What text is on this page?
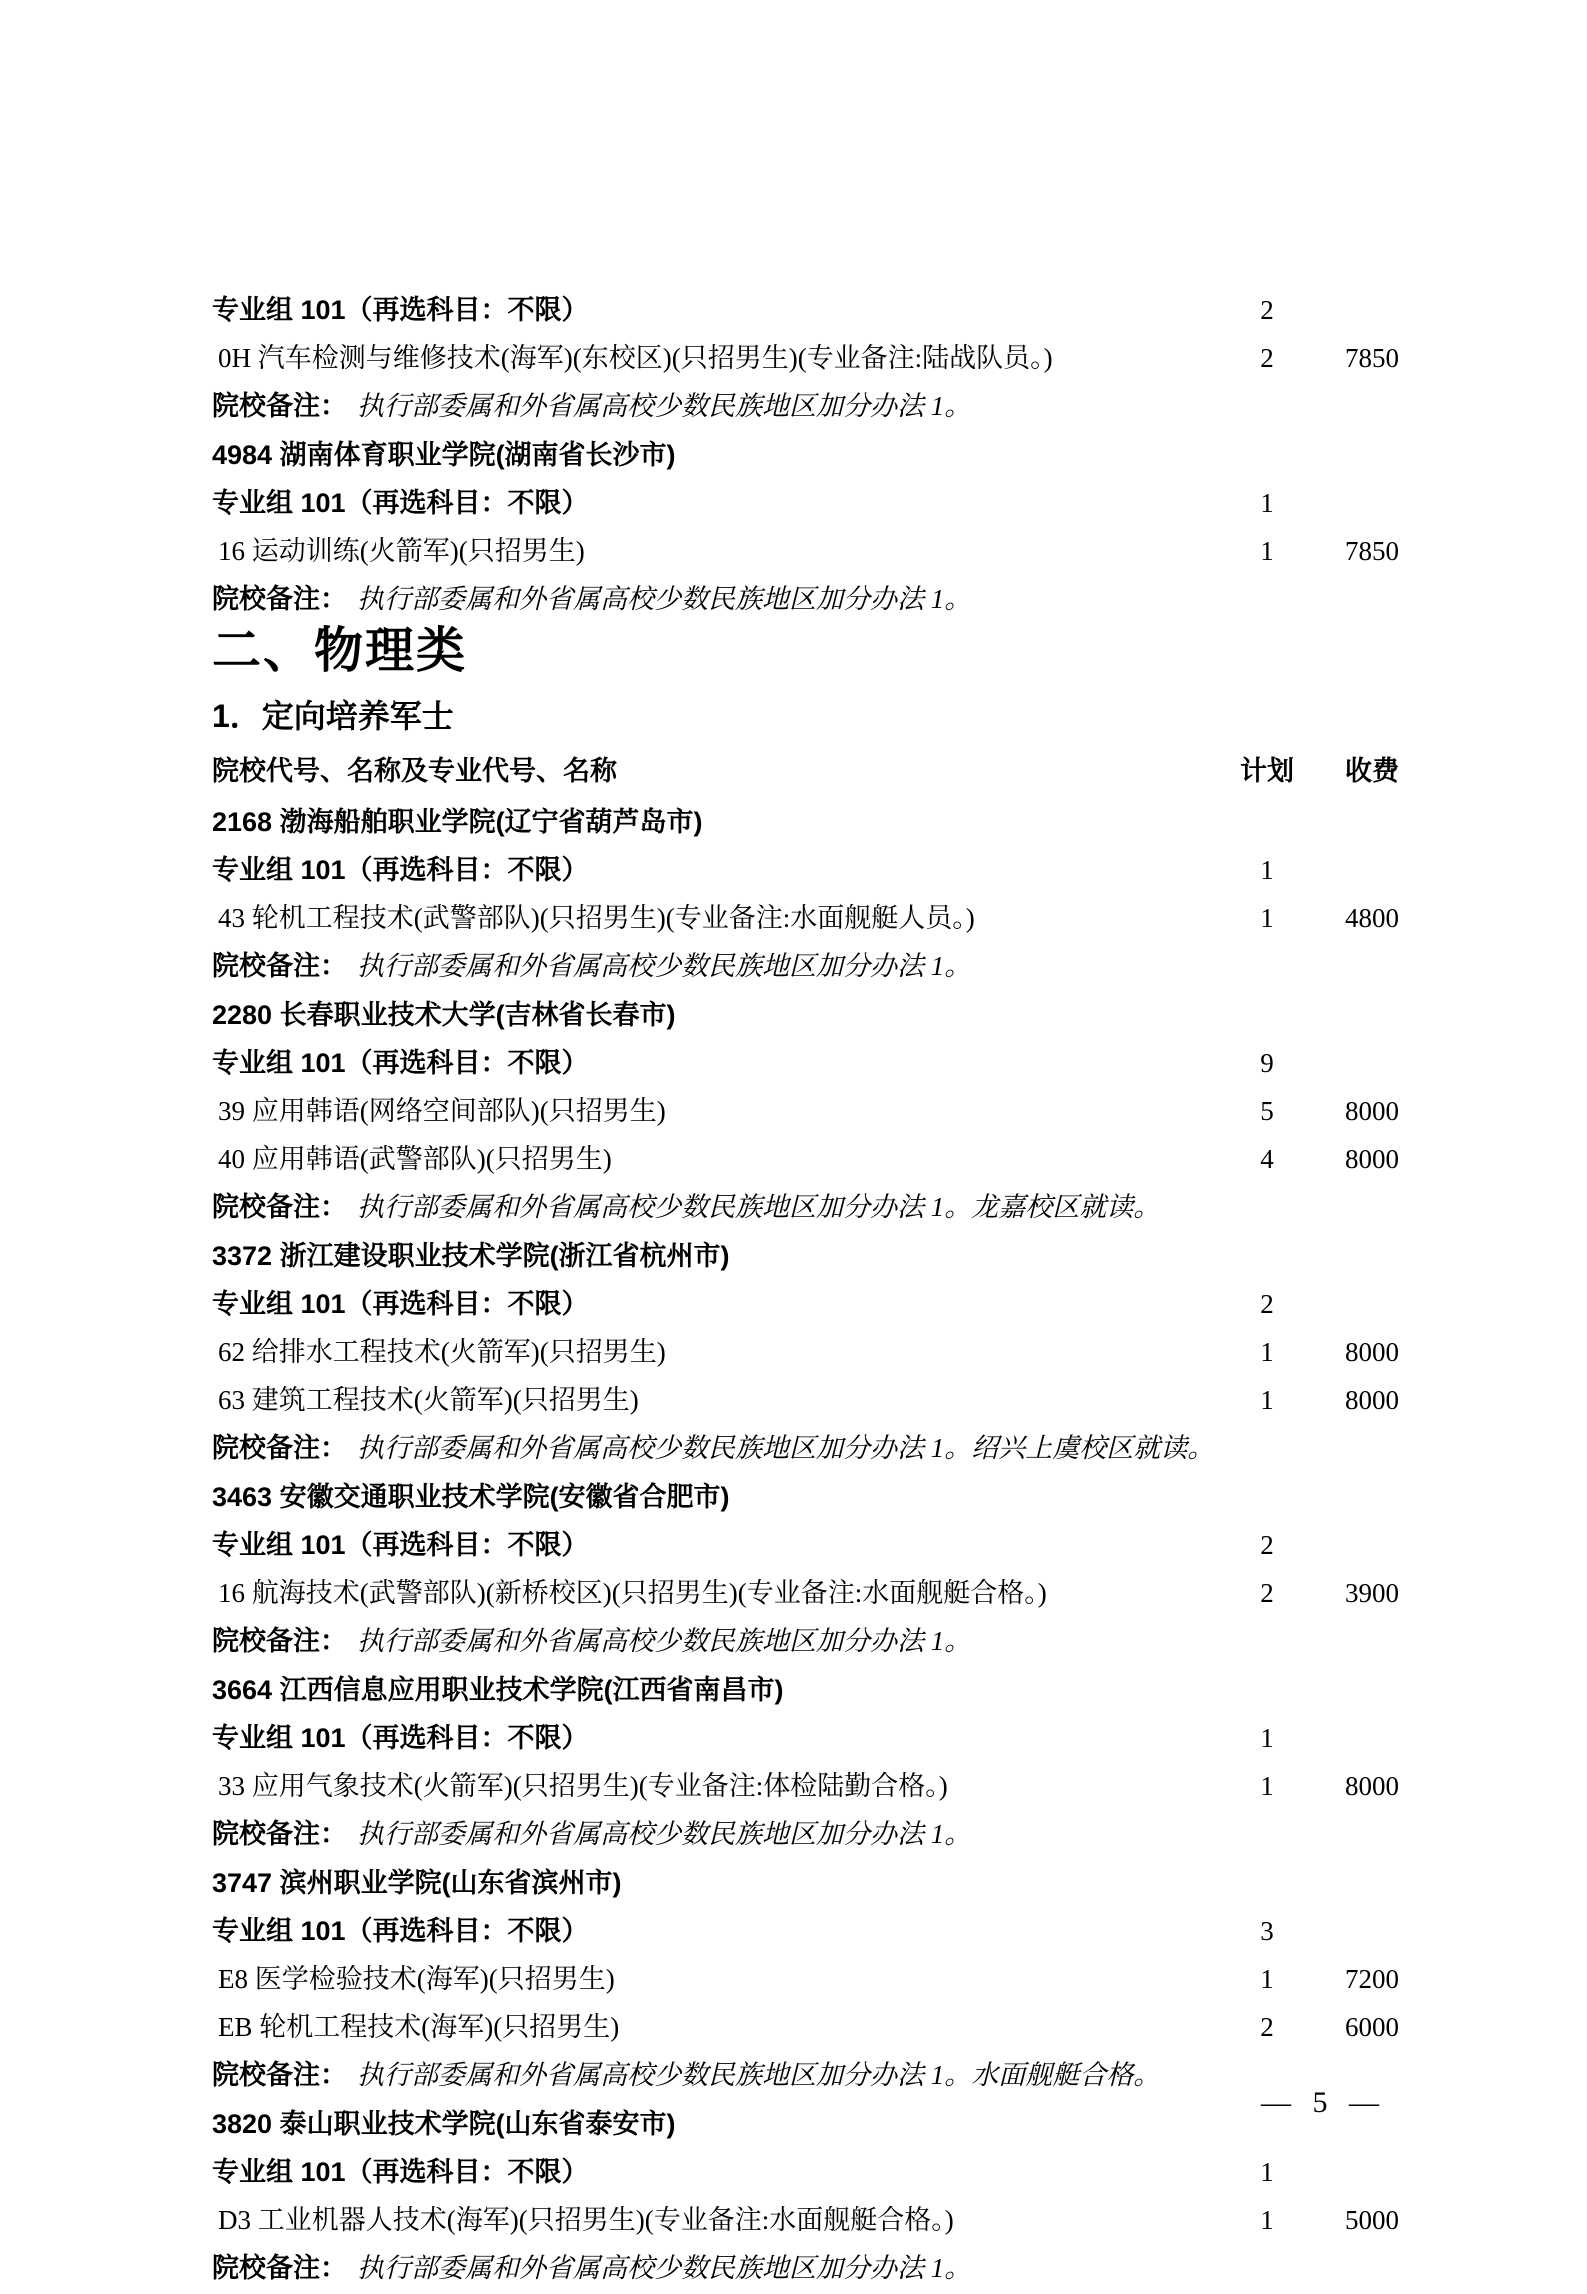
专业组 101（再选科目：不限）	2
0H 汽车检测与维修技术(海军)(东校区)(只招男生)(专业备注:陆战队员。)	2	7850
院校备注： 执行部委属和外省属高校少数民族地区加分办法 1。
4984 湖南体育职业学院(湖南省长沙市)
专业组 101（再选科目：不限）	1
16 运动训练(火箭军)(只招男生)	1	7850
院校备注： 执行部委属和外省属高校少数民族地区加分办法 1。
二、物理类
1．定向培养军士
院校代号、名称及专业代号、名称	计划	收费
2168 渤海船舶职业学院(辽宁省葫芦岛市)
专业组 101（再选科目：不限）	1
43 轮机工程技术(武警部队)(只招男生)(专业备注:水面舰艇人员。)	1	4800
院校备注： 执行部委属和外省属高校少数民族地区加分办法 1。
2280 长春职业技术大学(吉林省长春市)
专业组 101（再选科目：不限）	9
39 应用韩语(网络空间部队)(只招男生)	5	8000
40 应用韩语(武警部队)(只招男生)	4	8000
院校备注： 执行部委属和外省属高校少数民族地区加分办法 1。龙嘉校区就读。
3372 浙江建设职业技术学院(浙江省杭州市)
专业组 101（再选科目：不限）	2
62 给排水工程技术(火箭军)(只招男生)	1	8000
63 建筑工程技术(火箭军)(只招男生)	1	8000
院校备注： 执行部委属和外省属高校少数民族地区加分办法 1。绍兴上虞校区就读。
3463 安徽交通职业技术学院(安徽省合肥市)
专业组 101（再选科目：不限）	2
16 航海技术(武警部队)(新桥校区)(只招男生)(专业备注:水面舰艇合格。)	2	3900
院校备注： 执行部委属和外省属高校少数民族地区加分办法 1。
3664 江西信息应用职业技术学院(江西省南昌市)
专业组 101（再选科目：不限）	1
33 应用气象技术(火箭军)(只招男生)(专业备注:体检陆勤合格。)	1	8000
院校备注： 执行部委属和外省属高校少数民族地区加分办法 1。
3747 滨州职业学院(山东省滨州市)
专业组 101（再选科目：不限）	3
E8 医学检验技术(海军)(只招男生)	1	7200
EB 轮机工程技术(海军)(只招男生)	2	6000
院校备注： 执行部委属和外省属高校少数民族地区加分办法 1。水面舰艇合格。
3820 泰山职业技术学院(山东省泰安市)
专业组 101（再选科目：不限）	1
D3 工业机器人技术(海军)(只招男生)(专业备注:水面舰艇合格。)	1	5000
院校备注： 执行部委属和外省属高校少数民族地区加分办法 1。
— 5 —
